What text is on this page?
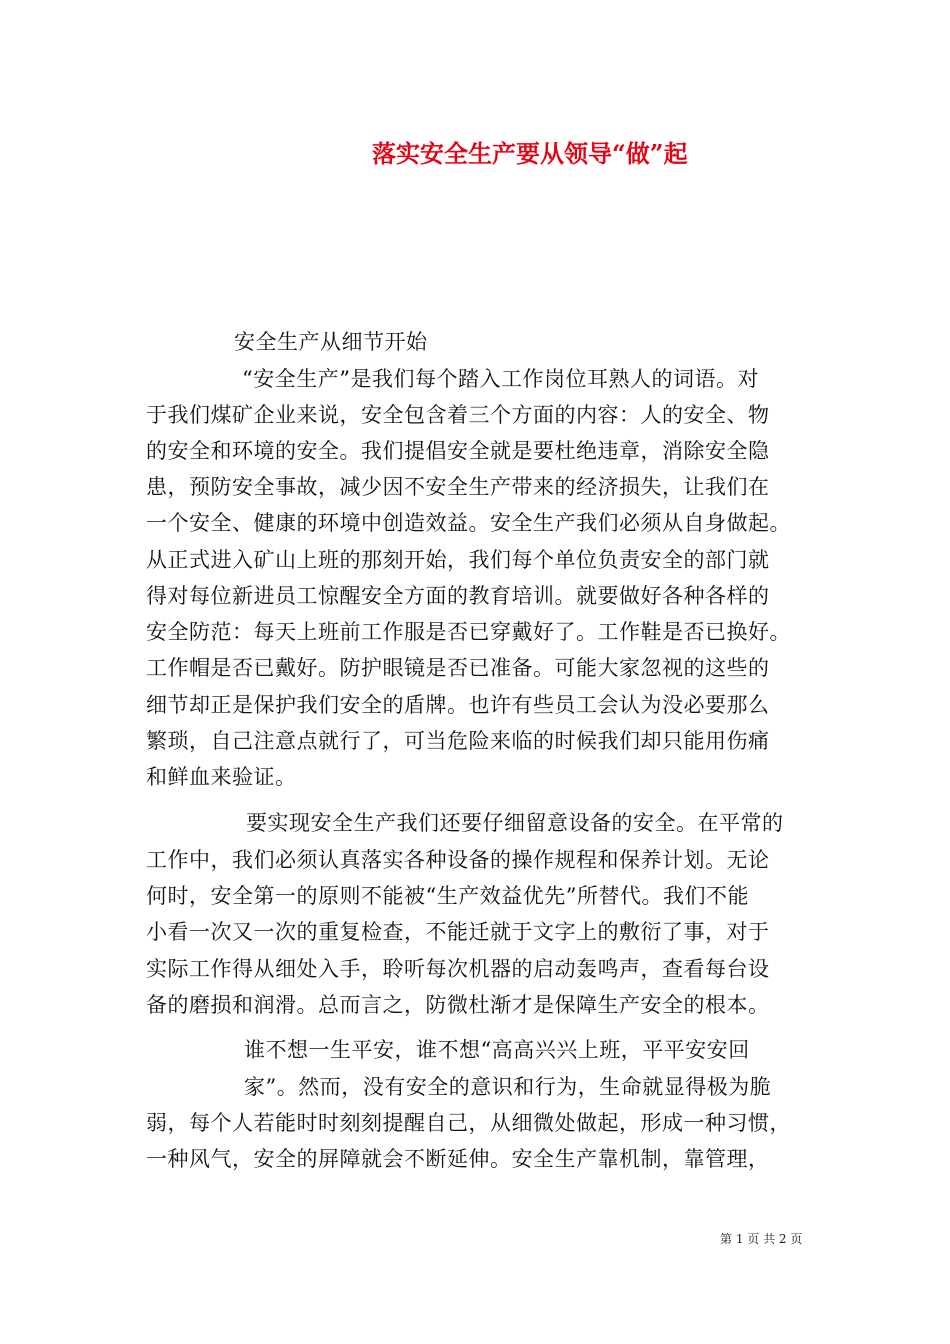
落实安全生产要从领导“做”起

安全生产从细节开始

“安全生产”是我们每个踏入工作岗位耳熟人的词语。对

于我们煤矿企业来说，安全包含着三个方面的内容：人的安全、物

的安全和环境的安全。我们提倡安全就是要杜绝违章，消除安全隐

患，预防安全事故，减少因不安全生产带来的经济损失，让我们在

一个安全、健康的环境中创造效益。安全生产我们必须从自身做起。

从正式进入矿山上班的那刻开始，我们每个单位负责安全的部门就

得对每位新进员工惊醒安全方面的教育培训。就要做好各种各样的

安全防范：每天上班前工作服是否已穿戴好了。工作鞋是否已换好。

工作帽是否已戴好。防护眼镜是否已准备。可能大家忽视的这些的

细节却正是保护我们安全的盾牌。也许有些员工会认为没必要那么

繁琐，自己注意点就行了，可当危险来临的时候我们却只能用伤痛

和鲜血来验证。

要实现安全生产我们还要仔细留意设备的安全。在平常的

工作中，我们必须认真落实各种设备的操作规程和保养计划。无论

何时，安全第一的原则不能被“生产效益优先”所替代。我们不能

小看一次又一次的重复检查，不能迁就于文字上的敷衍了事，对于

实际工作得从细处入手，聆听每次机器的启动轰鸣声，查看每台设

备的磨损和润滑。总而言之，防微杜渐才是保障生产安全的根本。

谁不想一生平安，谁不想“高高兴兴上班，平平安安回

家”。然而，没有安全的意识和行为，生命就显得极为脆

弱，每个人若能时时刻刻提醒自己，从细微处做起，形成一种习惯，

一种风气，安全的屏障就会不断延伸。安全生产靠机制，靠管理，

第 1 页 共 2 页
